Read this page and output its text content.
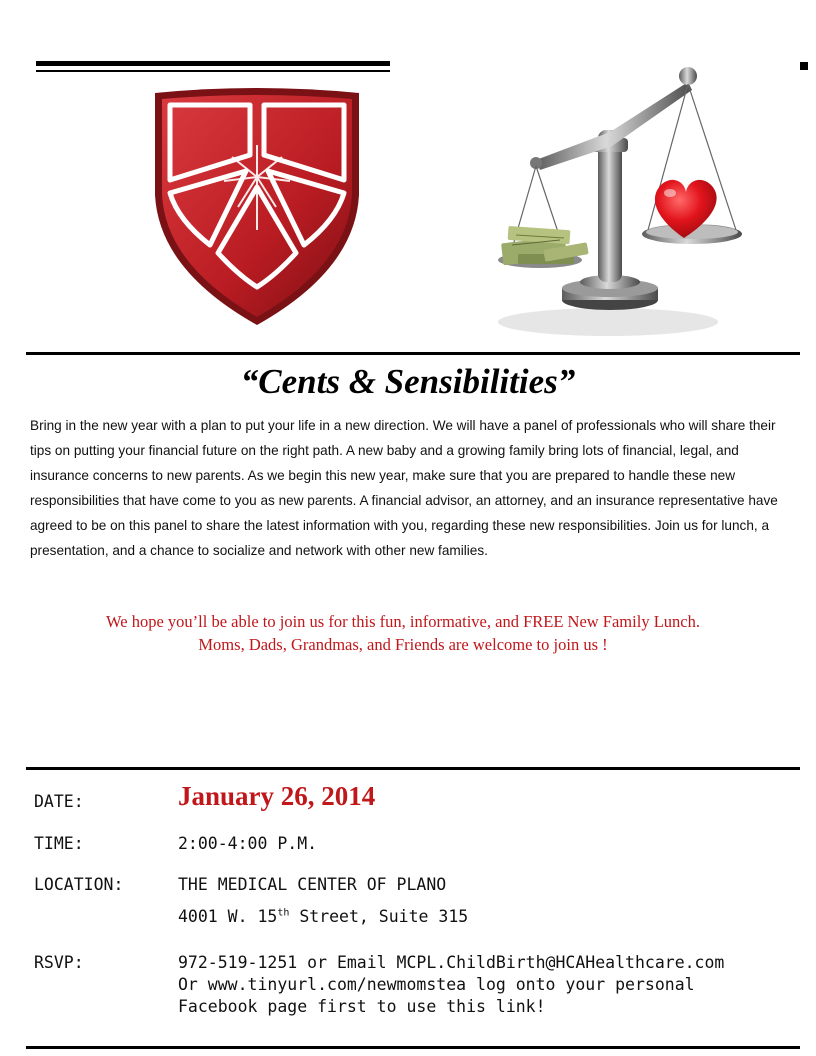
“Cents & Sensibilities”

Bring in the new year with a plan to put your life in a new direction. We will have a panel of professionals who will share their tips on putting your financial future on the right path. A new baby and a growing family bring lots of financial, legal, and insurance concerns to new parents. As we begin this new year, make sure that you are prepared to handle these new responsibilities that have come to you as new parents. A financial advisor, an attorney, and an insurance representative have agreed to be on this panel to share the latest information with you, regarding these new responsibilities. Join us for lunch, a presentation, and a chance to socialize and network with other new families.

We hope you’ll be able to join us for this fun, informative, and FREE New Family Lunch.

Moms, Dads, Grandmas, and Friends are welcome to join us !

DATE:	January 26, 2014
TIME:	2:00-4:00 P.M.
LOCATION:	THE MEDICAL CENTER OF PLANO
4001 W. 15th Street, Suite 315
RSVP:	972-519-1251 or Email MCPL.ChildBirth@HCAHealthcare.com
Or www.tinyurl.com/newmomstea log onto your personal
Facebook page first to use this link!
